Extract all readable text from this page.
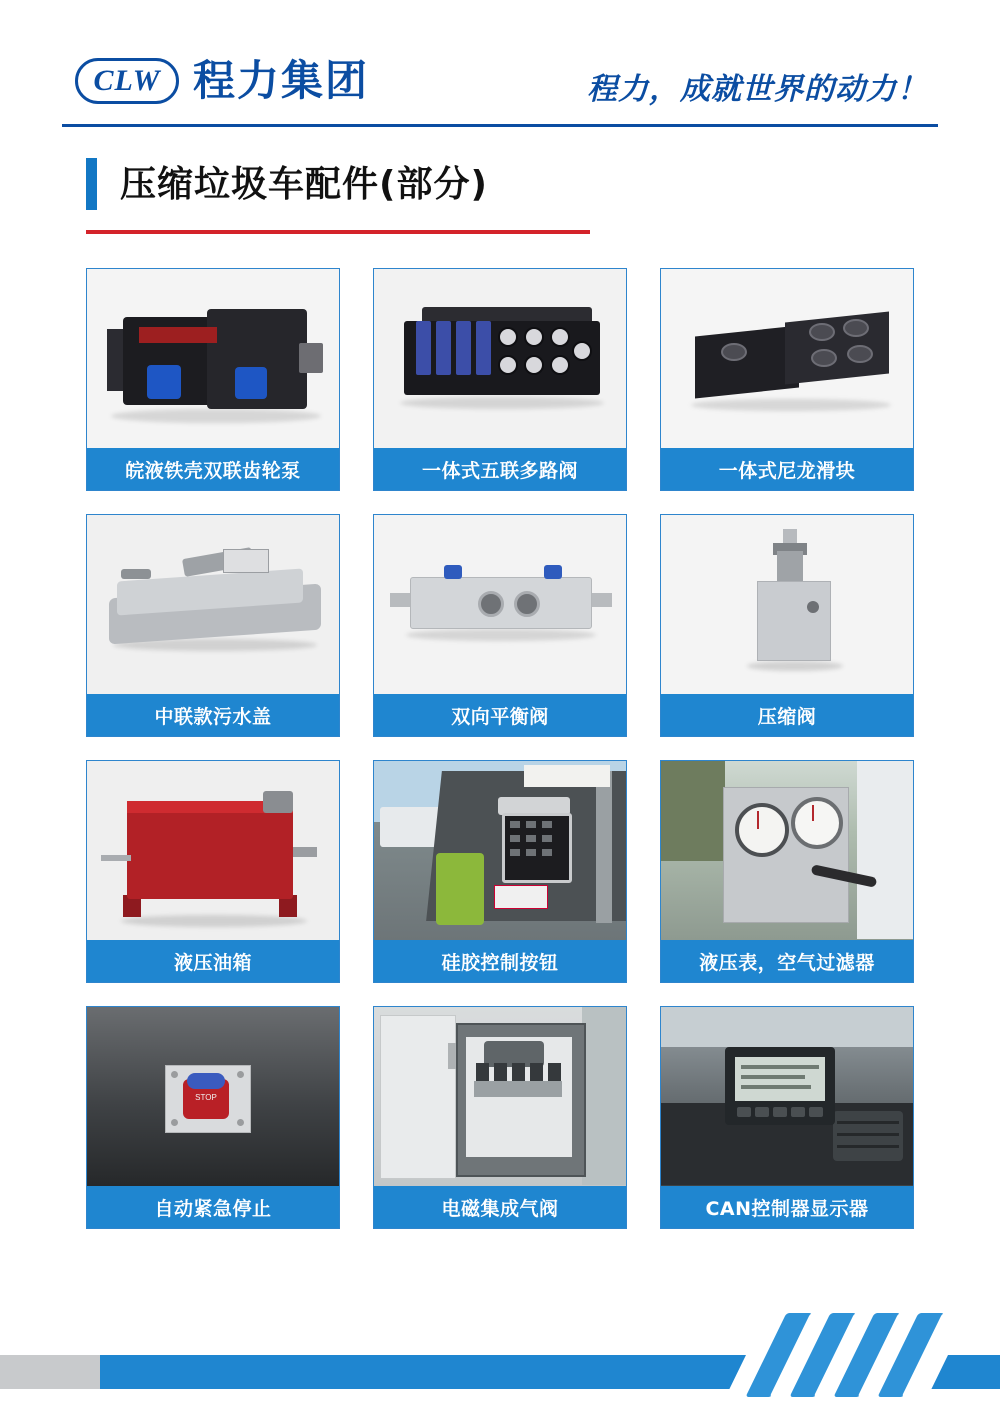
CLW 程力集团	程力，成就世界的动力！
压缩垃圾车配件(部分)
皖液铁壳双联齿轮泵	一体式五联多路阀	一体式尼龙滑块
中联款污水盖	双向平衡阀	压缩阀
液压油箱	硅胶控制按钮	液压表，空气过滤器
STOP
自动紧急停止	电磁集成气阀	CAN控制器显示器
